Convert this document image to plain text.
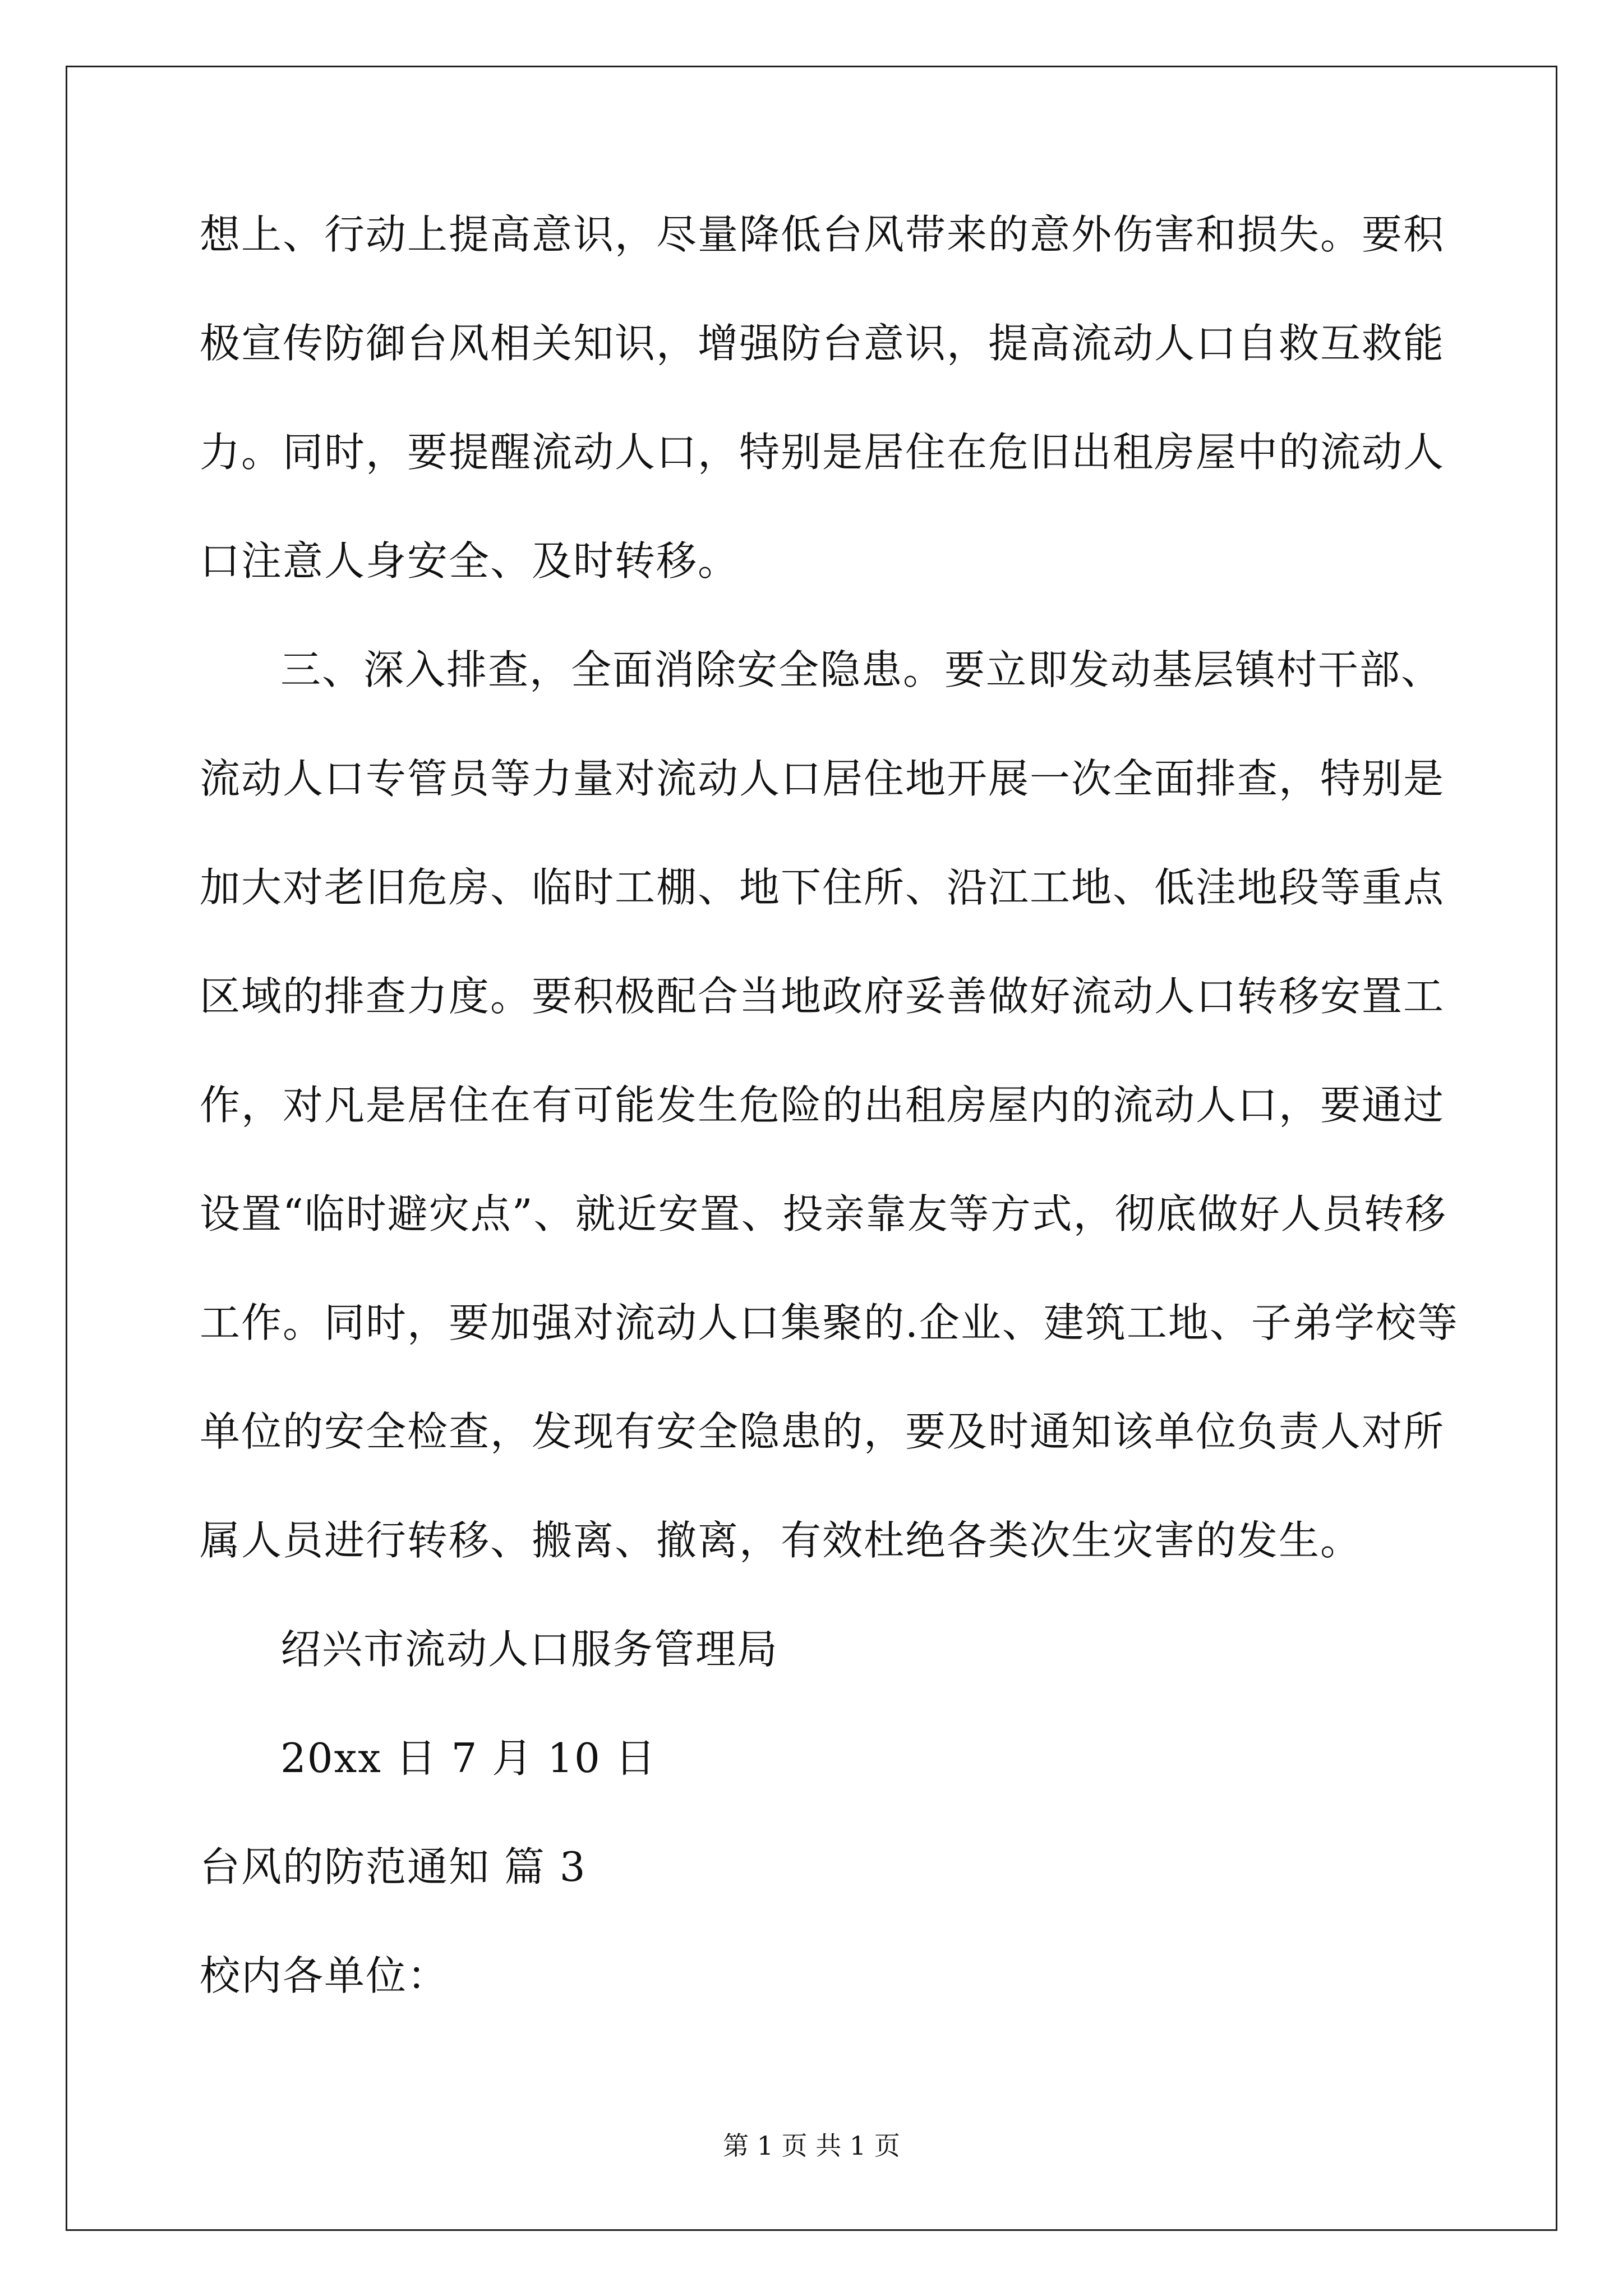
想上、行动上提高意识，尽量降低台风带来的意外伤害和损失。要积
极宣传防御台风相关知识，增强防台意识，提高流动人口自救互救能
力。同时，要提醒流动人口，特别是居住在危旧出租房屋中的流动人
口注意人身安全、及时转移。
三、深入排查，全面消除安全隐患。要立即发动基层镇村干部、
流动人口专管员等力量对流动人口居住地开展一次全面排查，特别是
加大对老旧危房、临时工棚、地下住所、沿江工地、低洼地段等重点
区域的排查力度。要积极配合当地政府妥善做好流动人口转移安置工
作，对凡是居住在有可能发生危险的出租房屋内的流动人口，要通过
设置“临时避灾点”、就近安置、投亲靠友等方式，彻底做好人员转移
工作。同时，要加强对流动人口集聚的.企业、建筑工地、子弟学校等
单位的安全检查，发现有安全隐患的，要及时通知该单位负责人对所
属人员进行转移、搬离、撤离，有效杜绝各类次生灾害的发生。
绍兴市流动人口服务管理局
20xx 日 7 月 10 日
台风的防范通知 篇 3
校内各单位：
第 1 页 共 1 页
